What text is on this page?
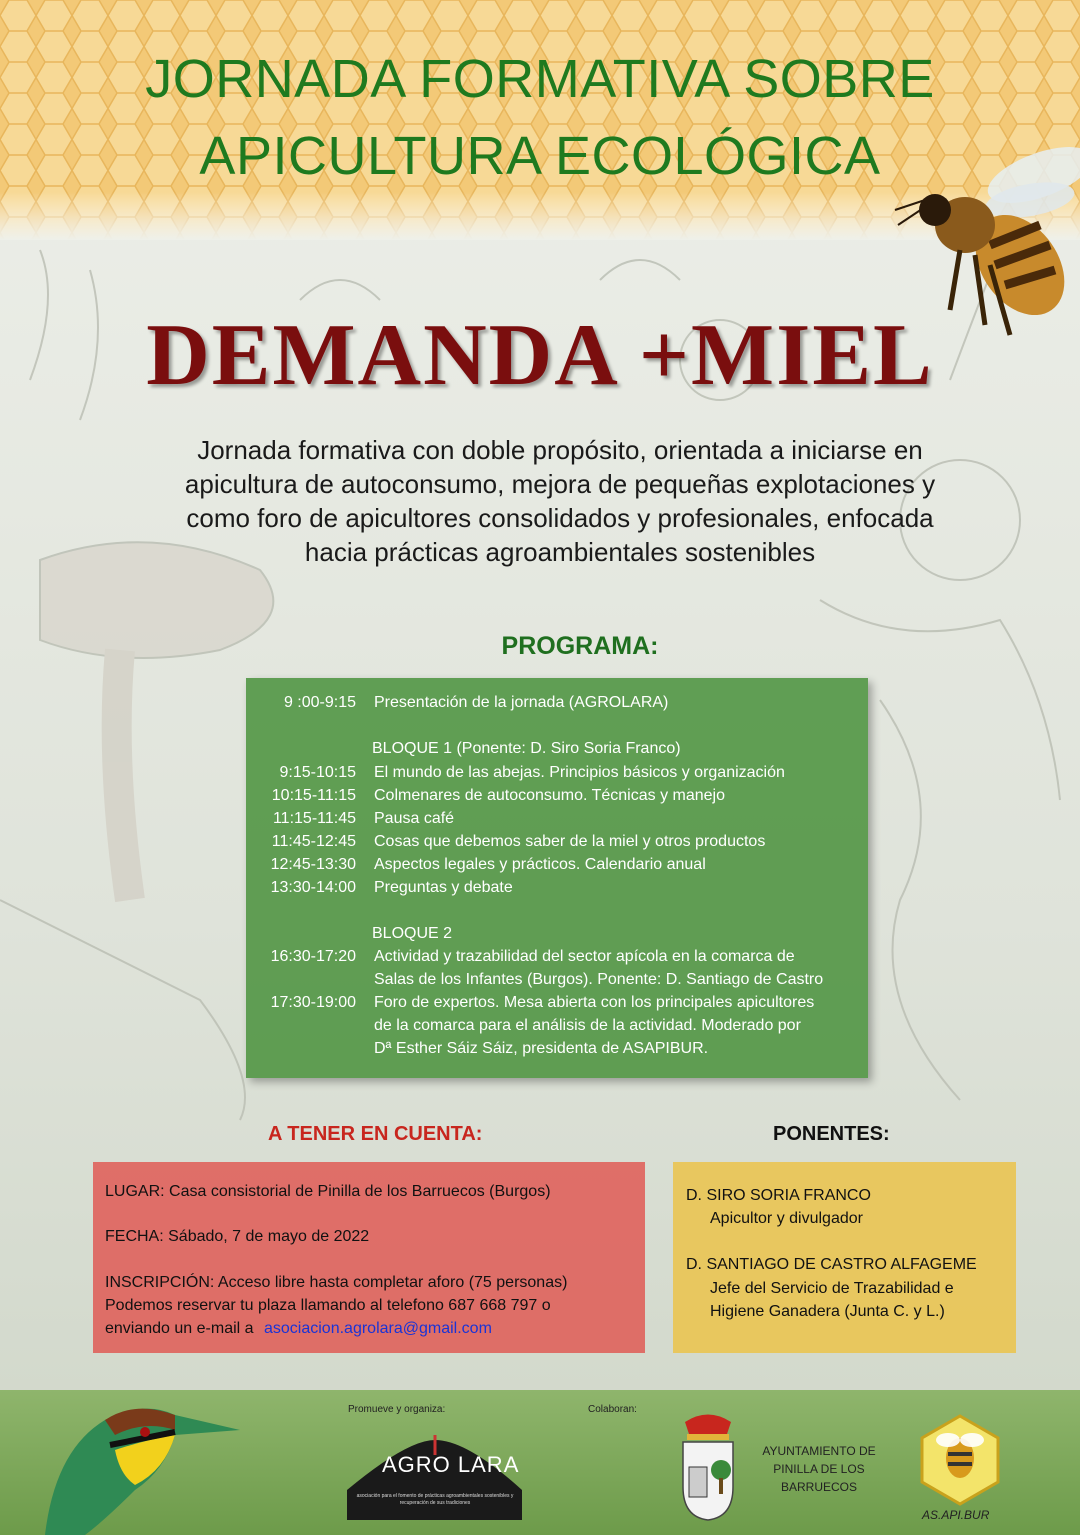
JORNADA FORMATIVA SOBRE
APICULTURA ECOLÓGICA
DEMANDA +MIEL

Jornada formativa con doble propósito, orientada a iniciarse en

apicultura de autoconsumo, mejora de pequeñas explotaciones y

como foro de apicultores consolidados y profesionales, enfocada

hacia prácticas agroambientales sostenibles

PROGRAMA:
9 :00-9:15 Presentación de la jornada (AGROLARA)
BLOQUE 1 (Ponente: D. Siro Soria Franco)
9:15-10:15 El mundo de las abejas. Principios básicos y organización
10:15-11:15 Colmenares de autoconsumo. Técnicas y manejo
11:15-11:45 Pausa café
11:45-12:45 Cosas que debemos saber de la miel y otros productos
12:45-13:30 Aspectos legales y prácticos. Calendario anual
13:30-14:00 Preguntas y debate
BLOQUE 2
16:30-17:20 Actividad y trazabilidad del sector apícola en la comarca de
Salas de los Infantes (Burgos). Ponente: D. Santiago de Castro
17:30-19:00 Foro de expertos. Mesa abierta con los principales apicultores
de la comarca para el análisis de la actividad. Moderado por
Dª Esther Sáiz Sáiz, presidenta de ASAPIBUR.
A TENER EN CUENTA:	PONENTES:
LUGAR: Casa consistorial de Pinilla de los Barruecos (Burgos)
FECHA: Sábado, 7 de mayo de 2022
INSCRIPCIÓN: Acceso libre hasta completar aforo (75 personas)
Podemos reservar tu plaza llamando al telefono 687 668 797 o
enviando un e-mail a asociacion.agrolara@gmail.com
D. SIRO SORIA FRANCO
Apicultor y divulgador
D. SANTIAGO DE CASTRO ALFAGEME
Jefe del Servicio de Trazabilidad e
Higiene Ganadera (Junta C. y L.)
Promueve y organiza:	Colaboran:
AGRO LARA
asociación para el fomento de prácticas agroambientales sostenibles y recuperación de sus tradiciones
AYUNTAMIENTO DE
PINILLA DE LOS
BARRUECOS
AS.API.BUR
